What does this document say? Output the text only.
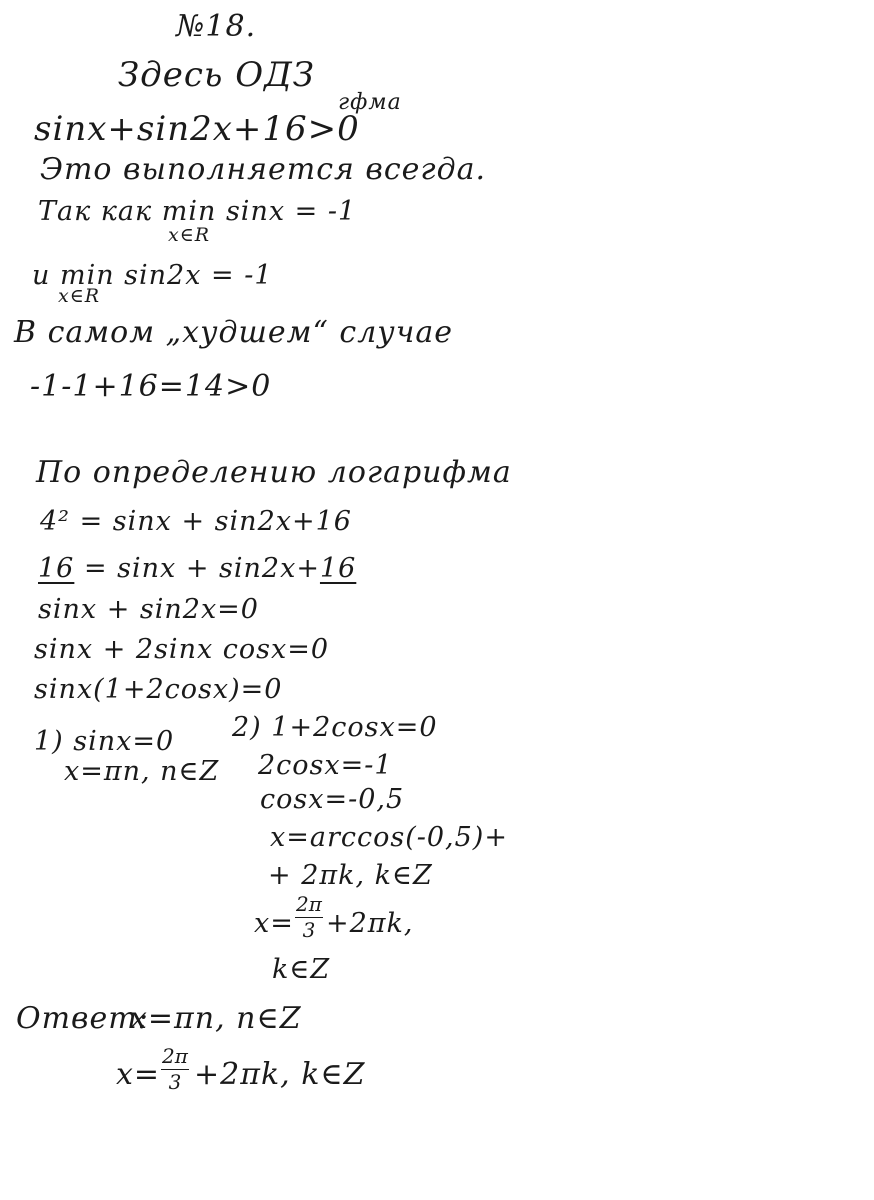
№18.
Здесь ОДЗ
гфма
sinx+sin2x+16>0
Это выполняется всегда.
Так как min sinx = -1
x∈R
и min sin2x = -1
x∈R
В самом „худшем“ случае
-1-1+16=14>0
По определению логарифма
4² = sinx + sin2x+16
16 = sinx + sin2x+16
sinx + sin2x=0
sinx + 2sinx cosx=0
sinx(1+2cosx)=0
1) sinx=0
x=πn, n∈Z
2) 1+2cosx=0
2cosx=-1
cosx=-0,5
x=arccos(-0,5)+
+ 2πk, k∈Z
x=
2π
3 +2πk,
k∈Z
Ответ:
x=πn, n∈Z
x=
2π
3 +2πk, k∈Z
